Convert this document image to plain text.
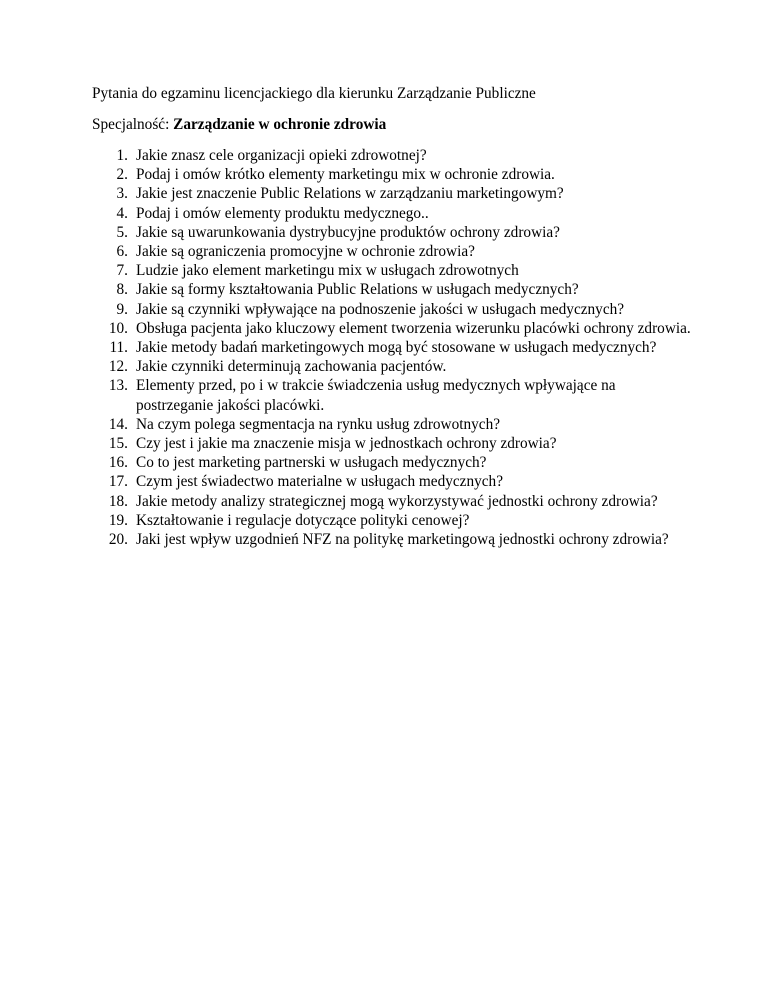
Pytania do egzaminu licencjackiego dla kierunku Zarządzanie Publiczne

Specjalność: Zarządzanie w ochronie zdrowia

1. Jakie znasz cele organizacji opieki zdrowotnej?
2. Podaj i omów krótko elementy marketingu mix w ochronie zdrowia.
3. Jakie jest znaczenie Public Relations w zarządzaniu marketingowym?
4. Podaj i omów elementy produktu medycznego..
5. Jakie są uwarunkowania dystrybucyjne produktów ochrony zdrowia?
6. Jakie są ograniczenia promocyjne w ochronie zdrowia?
7. Ludzie jako element marketingu mix w usługach zdrowotnych
8. Jakie są formy kształtowania Public Relations w usługach medycznych?
9. Jakie są czynniki wpływające na podnoszenie jakości w usługach medycznych?
10. Obsługa pacjenta jako kluczowy element tworzenia wizerunku placówki ochrony zdrowia.
11. Jakie metody badań marketingowych mogą być stosowane w usługach medycznych?
12. Jakie czynniki determinują zachowania pacjentów.
13. Elementy przed, po i w trakcie świadczenia usług medycznych wpływające na postrzeganie jakości placówki.
14. Na czym polega segmentacja na rynku usług zdrowotnych?
15. Czy jest i jakie ma znaczenie misja w jednostkach ochrony zdrowia?
16. Co to jest marketing partnerski w usługach medycznych?
17. Czym jest świadectwo materialne w usługach medycznych?
18. Jakie metody analizy strategicznej mogą wykorzystywać jednostki ochrony zdrowia?
19. Kształtowanie i regulacje dotyczące polityki cenowej?
20. Jaki jest wpływ uzgodnień NFZ na politykę marketingową jednostki ochrony zdrowia?
